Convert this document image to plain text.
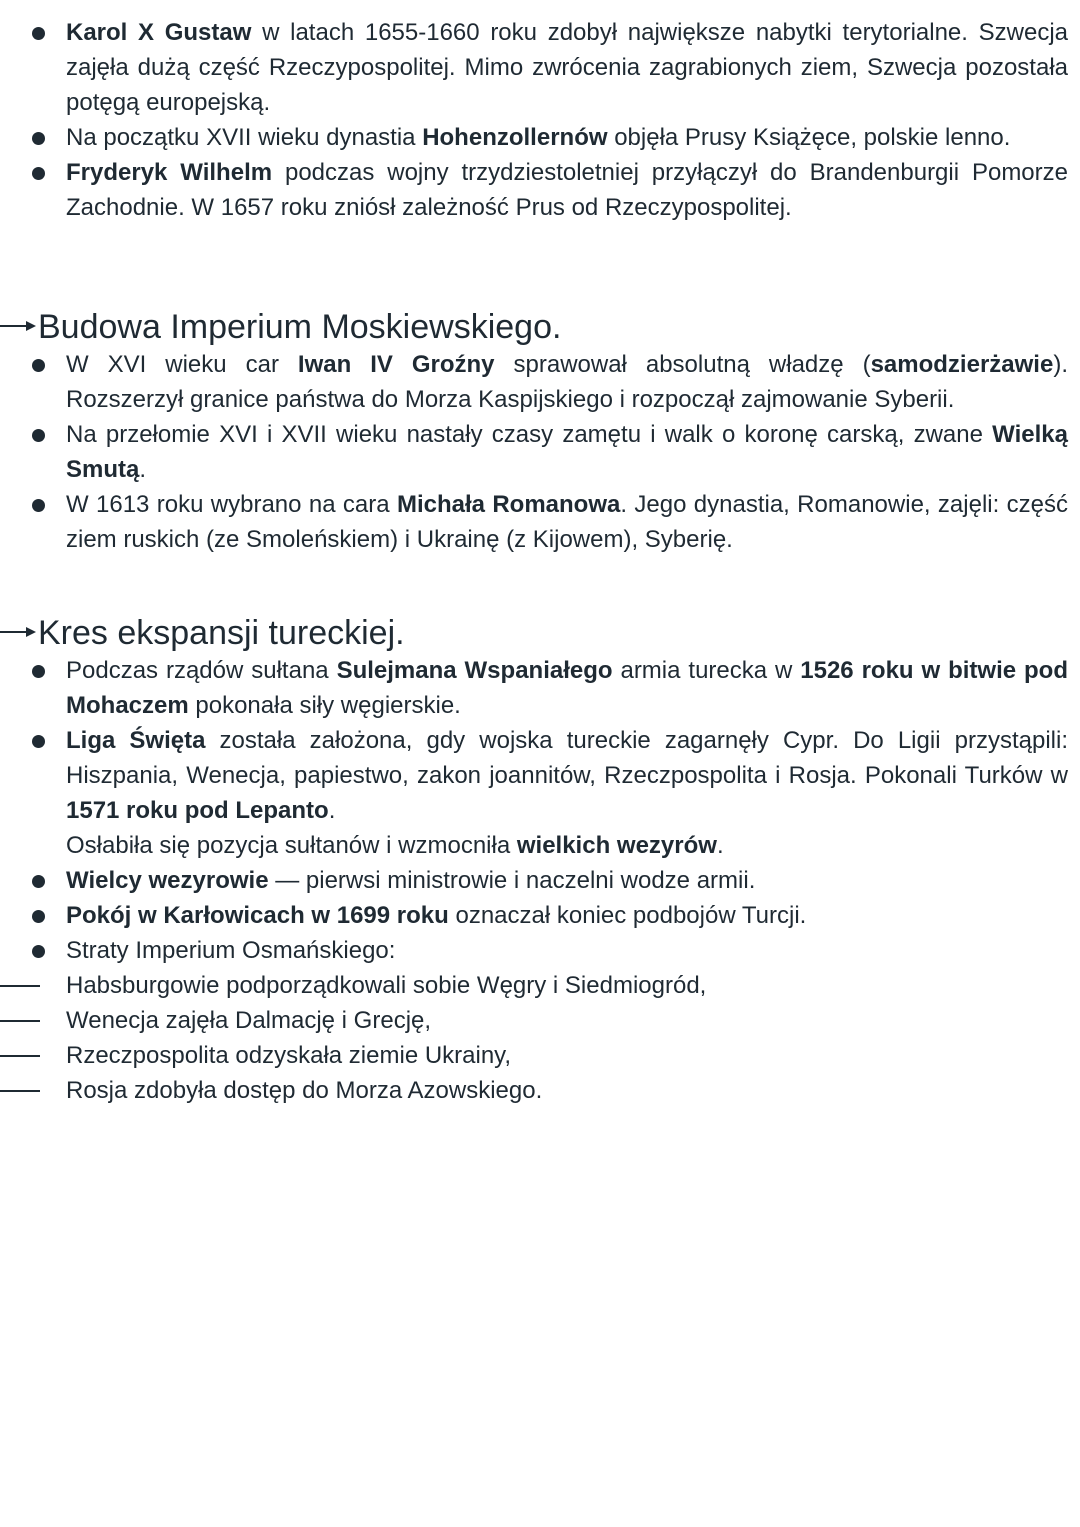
Karol X Gustaw w latach 1655-1660 roku zdobył największe nabytki terytorialne. Szwecja zajęła dużą część Rzeczypospolitej. Mimo zwrócenia zagrabionych ziem, Szwecja pozostała potęgą europejską.
Na początku XVII wieku dynastia Hohenzollernów objęła Prusy Książęce, polskie lenno.
Fryderyk Wilhelm podczas wojny trzydziestoletniej przyłączył do Brandenburgii Pomorze Zachodnie. W 1657 roku zniósł zależność Prus od Rzeczypospolitej.
Budowa Imperium Moskiewskiego.
W XVI wieku car Iwan IV Groźny sprawował absolutną władzę (samodzierżawie). Rozszerzył granice państwa do Morza Kaspijskiego i rozpoczął zajmowanie Syberii.
Na przełomie XVI i XVII wieku nastały czasy zamętu i walk o koronę carską, zwane Wielką Smutą.
W 1613 roku wybrano na cara Michała Romanowa. Jego dynastia, Romanowie, zajęli: część ziem ruskich (ze Smoleńskiem) i Ukrainę (z Kijowem), Syberię.
Kres ekspansji tureckiej.
Podczas rządów sułtana Sulejmana Wspaniałego armia turecka w 1526 roku w bitwie pod Mohaczem pokonała siły węgierskie.
Liga Święta została założona, gdy wojska tureckie zagarnęły Cypr. Do Ligii przystąpili: Hiszpania, Wenecja, papiestwo, zakon joannitów, Rzeczpospolita i Rosja. Pokonali Turków w 1571 roku pod Lepanto.
Osłabiła się pozycja sułtanów i wzmocniła wielkich wezyrów.
Wielcy wezyrowie — pierwsi ministrowie i naczelni wodze armii.
Pokój w Karłowicach w 1699 roku oznaczał koniec podbojów Turcji.
Straty Imperium Osmańskiego:
Habsburgowie podporządkowali sobie Węgry i Siedmiogród,
Wenecja zajęła Dalmację i Grecję,
Rzeczpospolita odzyskała ziemie Ukrainy,
Rosja zdobyła dostęp do Morza Azowskiego.
